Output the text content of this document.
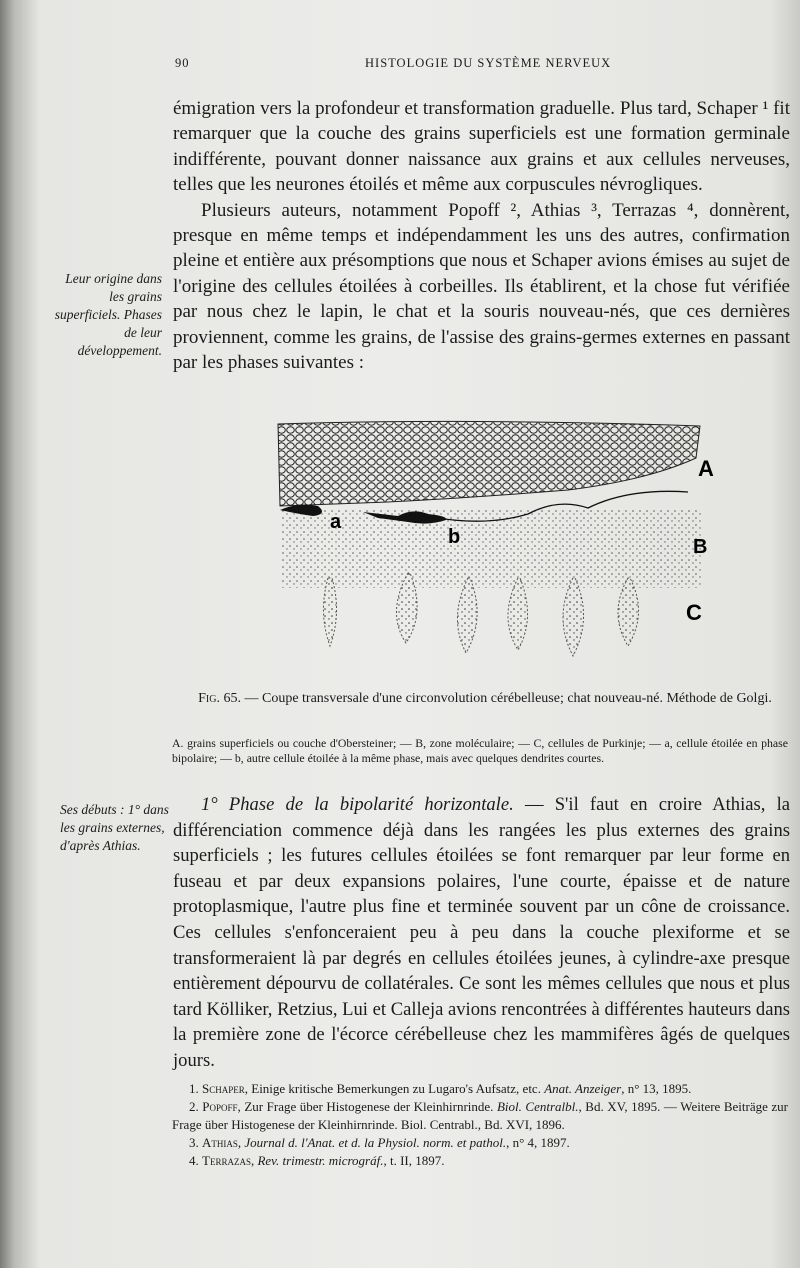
90	HISTOLOGIE DU SYSTÈME NERVEUX

émigration vers la profondeur et transformation graduelle. Plus tard, Schaper ¹ fit remarquer que la couche des grains superficiels est une formation germinale indifférente, pouvant donner naissance aux grains et aux cellules nerveuses, telles que les neurones étoilés et même aux corpuscules névrogliques.

Plusieurs auteurs, notamment Popoff ², Athias ³, Terrazas ⁴, donnèrent, presque en même temps et indépendamment les uns des autres, confirmation pleine et entière aux présomptions que nous et Schaper avions émises au sujet de l'origine des cellules étoilées à corbeilles. Ils établirent, et la chose fut vérifiée par nous chez le lapin, le chat et la souris nouveau-nés, que ces dernières proviennent, comme les grains, de l'assise des grains-germes externes en passant par les phases suivantes :

Leur origine dans les grains superficiels. Phases de leur développement.
A
a
b	B
C
Fig. 65. — Coupe transversale d'une circonvolution cérébelleuse; chat nouveau-né. Méthode de Golgi.
A. grains superficiels ou couche d'Obersteiner; — B, zone moléculaire; — C, cellules de Purkinje; — a, cellule étoilée en phase bipolaire; — b, autre cellule étoilée à la même phase, mais avec quelques dendrites courtes.
Ses débuts : 1° dans les grains externes, d'après Athias.

1° Phase de la bipolarité horizontale. — S'il faut en croire Athias, la différenciation commence déjà dans les rangées les plus externes des grains superficiels ; les futures cellules étoilées se font remarquer par leur forme en fuseau et par deux expansions polaires, l'une courte, épaisse et de nature protoplasmique, l'autre plus fine et terminée souvent par un cône de croissance. Ces cellules s'enfonceraient peu à peu dans la couche plexiforme et se transformeraient là par degrés en cellules étoilées jeunes, à cylindre-axe presque entièrement dépourvu de collatérales. Ce sont les mêmes cellules que nous et plus tard Kölliker, Retzius, Lui et Calleja avions rencontrées à différentes hauteurs dans la première zone de l'écorce cérébelleuse chez les mammifères âgés de quelques jours.

1. Schaper, Einige kritische Bemerkungen zu Lugaro's Aufsatz, etc. Anat. Anzeiger, n° 13, 1895.

2. Popoff, Zur Frage über Histogenese der Kleinhirnrinde. Biol. Centralbl., Bd. XV, 1895. — Weitere Beiträge zur Frage über Histogenese der Kleinhirnrinde. Biol. Centrabl., Bd. XVI, 1896.

3. Athias, Journal d. l'Anat. et d. la Physiol. norm. et pathol., n° 4, 1897.

4. Terrazas, Rev. trimestr. micrográf., t. II, 1897.
